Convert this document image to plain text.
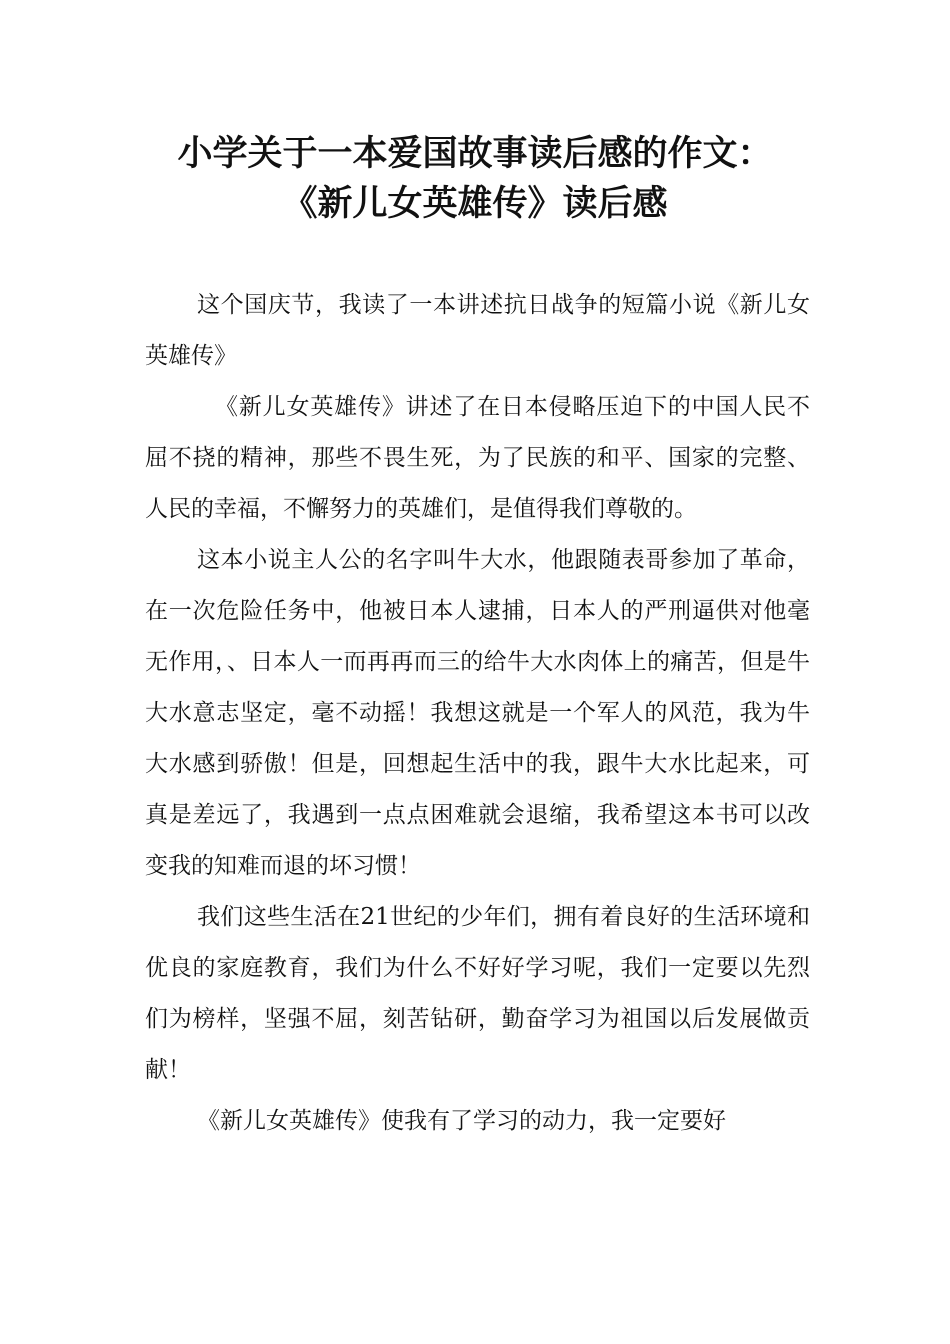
小学关于一本爱国故事读后感的作文：
《新儿女英雄传》读后感

这个国庆节，我读了一本讲述抗日战争的短篇小说《新儿女英雄传》

《新儿女英雄传》讲述了在日本侵略压迫下的中国人民不屈不挠的精神，那些不畏生死，为了民族的和平、国家的完整、人民的幸福，不懈努力的英雄们，是值得我们尊敬的。

这本小说主人公的名字叫牛大水，他跟随表哥参加了革命，在一次危险任务中，他被日本人逮捕，日本人的严刑逼供对他毫无作用，、日本人一而再再而三的给牛大水肉体上的痛苦，但是牛大水意志坚定，毫不动摇！我想这就是一个军人的风范，我为牛大水感到骄傲！但是，回想起生活中的我，跟牛大水比起来，可真是差远了，我遇到一点点困难就会退缩，我希望这本书可以改变我的知难而退的坏习惯！

我们这些生活在21世纪的少年们，拥有着良好的生活环境和优良的家庭教育，我们为什么不好好学习呢，我们一定要以先烈们为榜样，坚强不屈，刻苦钻研，勤奋学习为祖国以后发展做贡献！

《新儿女英雄传》使我有了学习的动力，我一定要好
